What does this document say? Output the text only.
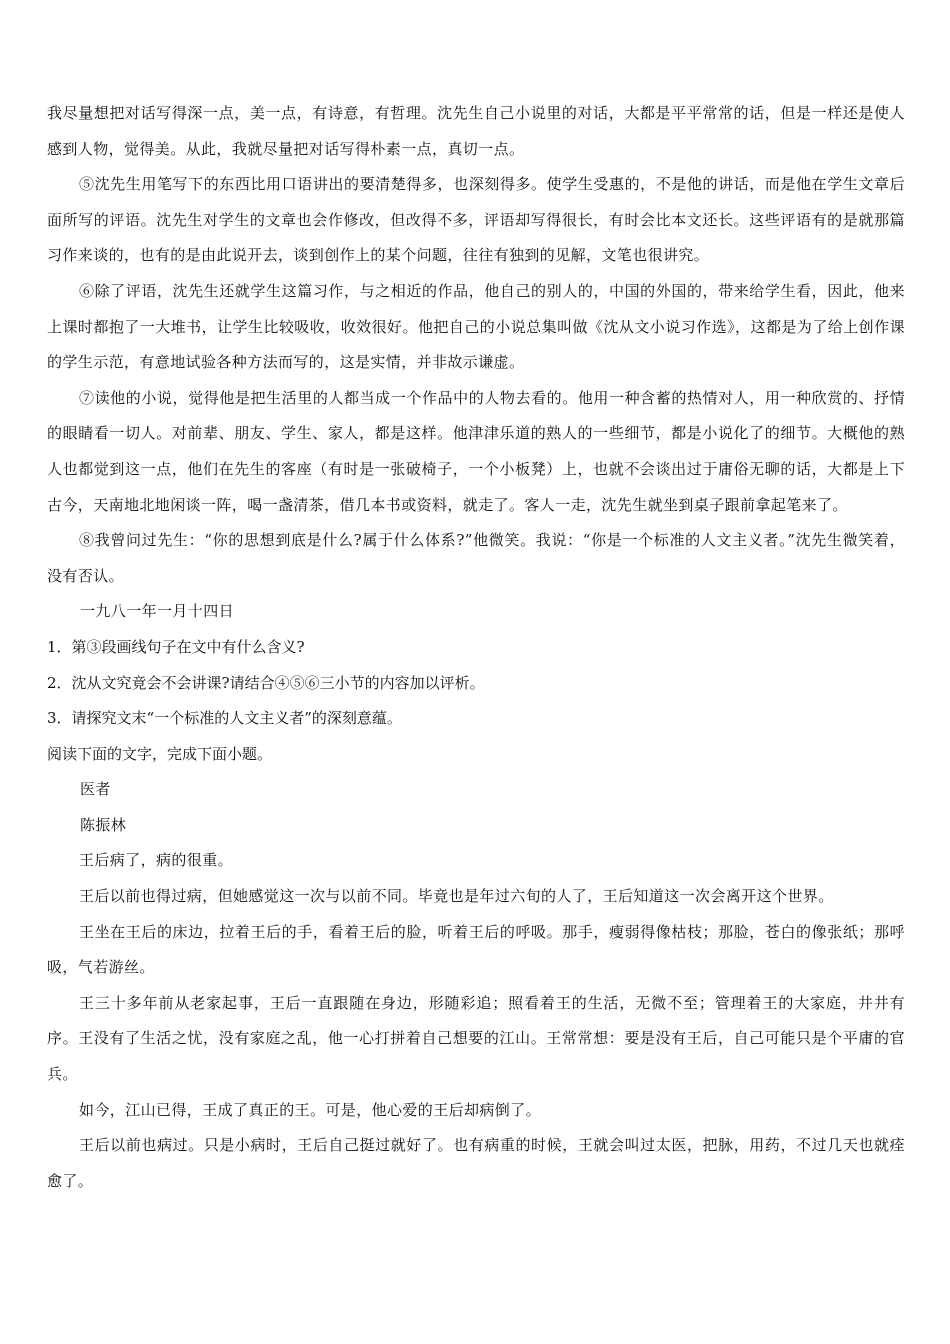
我尽量想把对话写得深一点，美一点，有诗意，有哲理。沈先生自己小说里的对话，大都是平平常常的话，但是一样还是使人感到人物，觉得美。从此，我就尽量把对话写得朴素一点，真切一点。

⑤沈先生用笔写下的东西比用口语讲出的要清楚得多，也深刻得多。使学生受惠的，不是他的讲话，而是他在学生文章后面所写的评语。沈先生对学生的文章也会作修改，但改得不多，评语却写得很长，有时会比本文还长。这些评语有的是就那篇习作来谈的，也有的是由此说开去，谈到创作上的某个问题，往往有独到的见解，文笔也很讲究。

⑥除了评语，沈先生还就学生这篇习作，与之相近的作品，他自己的别人的，中国的外国的，带来给学生看，因此，他来上课时都抱了一大堆书，让学生比较吸收，收效很好。他把自己的小说总集叫做《沈从文小说习作选》，这都是为了给上创作课的学生示范，有意地试验各种方法而写的，这是实情，并非故示谦虚。

⑦读他的小说，觉得他是把生活里的人都当成一个作品中的人物去看的。他用一种含蓄的热情对人，用一种欣赏的、抒情的眼睛看一切人。对前辈、朋友、学生、家人，都是这样。他津津乐道的熟人的一些细节，都是小说化了的细节。大概他的熟人也都觉到这一点，他们在先生的客座（有时是一张破椅子，一个小板凳）上，也就不会谈出过于庸俗无聊的话，大都是上下古今，天南地北地闲谈一阵，喝一盏清茶，借几本书或资料，就走了。客人一走，沈先生就坐到桌子跟前拿起笔来了。

⑧我曾问过先生：“你的思想到底是什么?属于什么体系?”他微笑。我说：“你是一个标准的人文主义者。”沈先生微笑着，没有否认。

一九八一年一月十四日

1．第③段画线句子在文中有什么含义?

2．沈从文究竟会不会讲课?请结合④⑤⑥三小节的内容加以评析。

3．请探究文末“一个标准的人文主义者”的深刻意蕴。

阅读下面的文字，完成下面小题。

医者

陈振林

王后病了，病的很重。

王后以前也得过病，但她感觉这一次与以前不同。毕竟也是年过六旬的人了，王后知道这一次会离开这个世界。

王坐在王后的床边，拉着王后的手，看着王后的脸，听着王后的呼吸。那手，瘦弱得像枯枝；那脸，苍白的像张纸；那呼吸，气若游丝。

王三十多年前从老家起事，王后一直跟随在身边，形随彩追；照看着王的生活，无微不至；管理着王的大家庭，井井有序。王没有了生活之忧，没有家庭之乱，他一心打拼着自己想要的江山。王常常想：要是没有王后，自己可能只是个平庸的官兵。

如今，江山已得，王成了真正的王。可是，他心爱的王后却病倒了。

王后以前也病过。只是小病时，王后自己挺过就好了。也有病重的时候，王就会叫过太医，把脉，用药，不过几天也就痊愈了。
